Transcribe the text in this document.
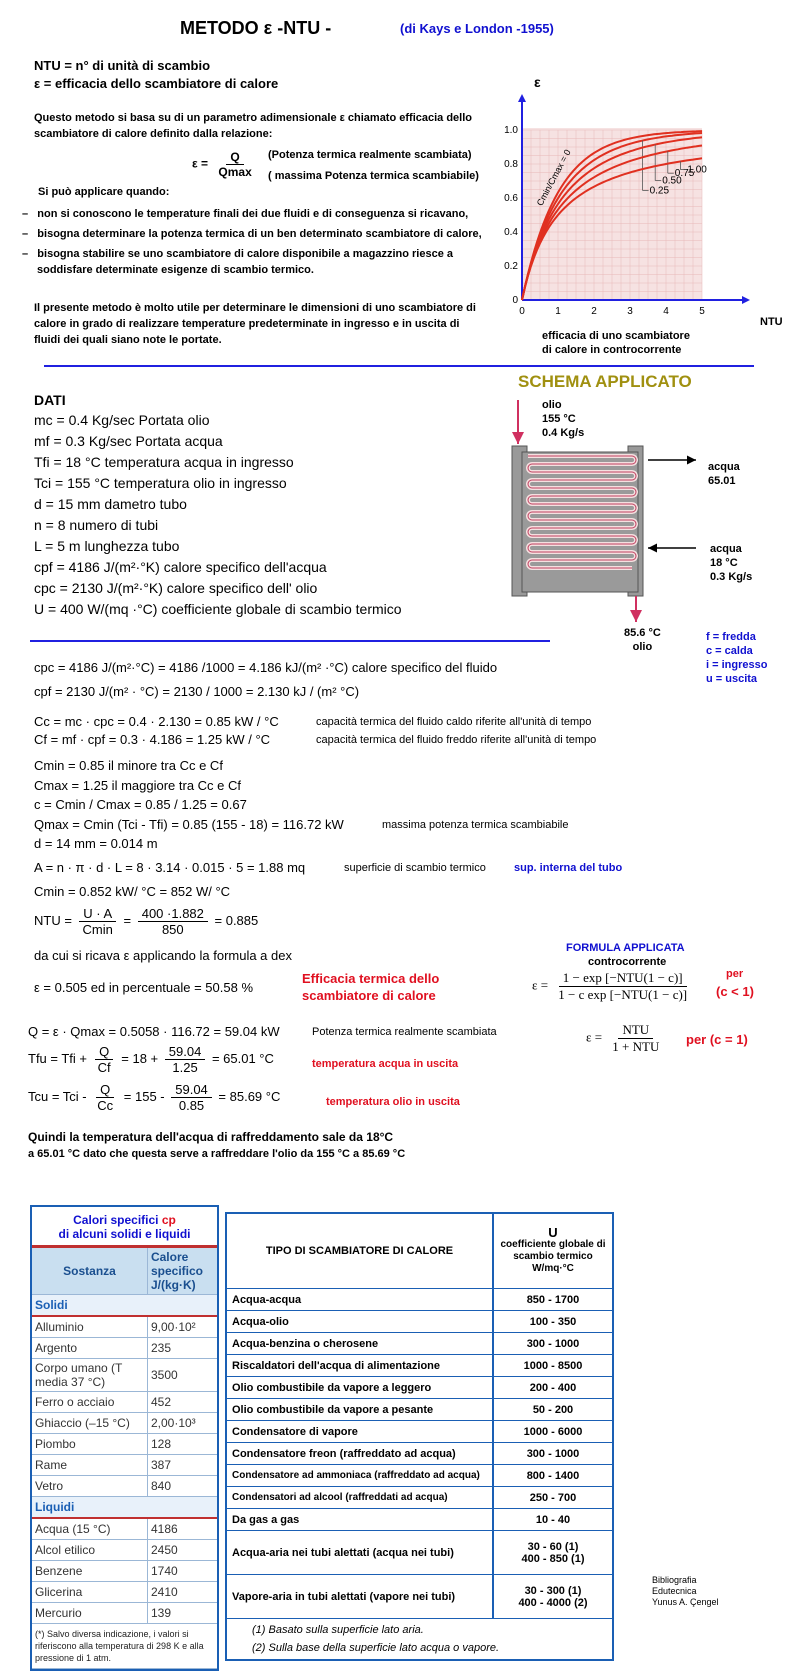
METODO ε -NTU -	(di Kays e London -1955)
NTU = n° di unità di scambio
ε = efficacia dello scambiatore di calore
Questo metodo si basa su di un parametro adimensionale ε chiamato efficacia dello
scambiatore di calore definito dalla relazione:
$\varepsilon = \frac{Q}{Qmax}$ (Potenza termica realmente scambiata)
( massima Potenza termica scambiabile)
Si può applicare quando:
–   non si conoscono le temperature finali dei due fluidi e di conseguenza si ricavano,
–   bisogna determinare la potenza termica di un ben determinato scambiatore di calore,
–   bisogna stabilire se uno scambiatore di calore disponibile a magazzino riesce a
soddisfare determinate esigenze di scambio termico.
Il presente metodo è molto utile per determinare le dimensioni di uno scambiatore di
calore in grado di realizzare temperature predeterminate in ingresso e in uscita di
fluidi dei quali siano note le portate.
0	1	2	3	4	5
0
0.2
0.4
0.6
0.8
1.0
0.25
0.50
0.75
1.00
Cmin/Cmax = 0
ε
NTU
efficacia di uno scambiatore
di calore in controcorrente
SCHEMA APPLICATO
olio
155 °C
0.4 Kg/s
acqua
65.01
acqua
18 °C
0.3 Kg/s
85.6 °C
olio
f = fredda
c = calda
i = ingresso
u = uscita
DATI
mc = 0.4 Kg/sec Portata olio
mf = 0.3 Kg/sec Portata acqua
Tfi = 18 °C temperatura acqua in ingresso
Tci = 155 °C temperatura olio in ingresso
d = 15 mm dametro tubo
n = 8 numero di tubi
L = 5 m lunghezza tubo
cpf = 4186 J/(m²·°K) calore specifico dell'acqua
cpc = 2130 J/(m²·°K) calore specifico dell' olio
U = 400 W/(mq ·°C) coefficiente globale di scambio termico
cpc = 4186 J/(m²·°C) = 4186 /1000 = 4.186 kJ/(m² ·°C) calore specifico del fluido
cpf = 2130 J/(m² · °C) = 2130 / 1000 = 2.130 kJ / (m² °C)
Cc = mc · cpc = 0.4 · 2.130 = 0.85 kW / °C	capacità termica del fluido caldo riferite all'unità di tempo
Cf = mf · cpf = 0.3 · 4.186 = 1.25 kW / °C	capacità termica del fluido freddo riferite all'unità di tempo
Cmin = 0.85 il minore tra Cc e Cf
Cmax = 1.25 il maggiore tra Cc e Cf
c = Cmin / Cmax = 0.85 / 1.25 = 0.67
Qmax = Cmin (Tci - Tfi) = 0.85 (155 - 18) = 116.72 kW	massima potenza termica scambiabile
d = 14 mm = 0.014 m
A = n · π · d · L = 8 · 3.14 · 0.015 · 5 = 1.88 mq	superficie di scambio termico	sup. interna del tubo
Cmin = 0.852 kW/ °C = 852 W/ °C
NTU = $\frac{U \cdot A}{Cmin} = \frac{400 \cdot 1.882}{850} = 0.885$
da cui si ricava ε applicando la formula a dex
ε = 0.505 ed in percentuale = 50.58 %
Efficacia termica dello
scambiatore di calore
Q = ε · Qmax = 0.5058 · 116.72 = 59.04 kW	Potenza termica realmente scambiata
Tfu = Tfi + $\frac{Q}{Cf} = 18 + \frac{59.04}{1.25} = 65.01$ °C	temperatura acqua in uscita
Tcu = Tci - $\frac{Q}{Cc} = 155 - \frac{59.04}{0.85} = 85.69$ °C	temperatura olio in uscita
Quindi la temperatura dell'acqua di raffreddamento sale da 18°C
a 65.01 °C dato che questa serve a raffreddare l'olio da 155 °C a 85.69 °C
FORMULA APPLICATA
controcorrente
$\varepsilon = \frac{\text{1 − exp [−NTU(1 − c)]}}{\text{1 − c exp [−NTU(1 − c)]}}$	per
(c < 1)
$\varepsilon = \frac{\text{NTU}}{\text{1 + NTU}}$ per (c = 1)
Calori specifici cp
di alcuni solidi e liquidi
Sostanza	Calore
specifico
J/(kg·K)
Solidi	
Alluminio	9,00·10²
Argento	235
Corpo umano (T media 37 °C)	3500
Ferro o acciaio	452
Ghiaccio (–15 °C)	2,00·10³
Piombo	128
Rame	387
Vetro	840
Liquidi	
Acqua (15 °C)	4186
Alcol etilico	2450
Benzene	1740
Glicerina	2410
Mercurio	139
(*) Salvo diversa indicazione, i valori si riferiscono alla temperatura di 298 K e alla pressione di 1 atm.	
TIPO DI SCAMBIATORE DI CALORE	U
coefficiente globale di scambio termico
W/mq·°C

Acqua-acqua	850 - 1700
Acqua-olio	100 - 350
Acqua-benzina o cherosene	300 - 1000
Riscaldatori dell'acqua di alimentazione	1000 - 8500
Olio combustibile da vapore a leggero	200 - 400
Olio combustibile da vapore a pesante	50 - 200
Condensatore di vapore	1000 - 6000
Condensatore freon (raffreddato ad acqua)	300 - 1000
Condensatore ad ammoniaca (raffreddato ad acqua)	800 - 1400
Condensatori ad alcool (raffreddati ad acqua)	250 - 700
Da gas a gas	10 - 40
Acqua-aria nei tubi alettati (acqua nei tubi)	30 - 60 (1)
400 - 850 (1)

Vapore-aria in tubi alettati (vapore nei tubi)	30 - 300 (1)
400 - 4000 (2)

(1) Basato sulla superficie lato aria.
(2) Sulla base della superficie lato acqua o vapore.	
Bibliografia
Edutecnica
Yunus A. Çengel
